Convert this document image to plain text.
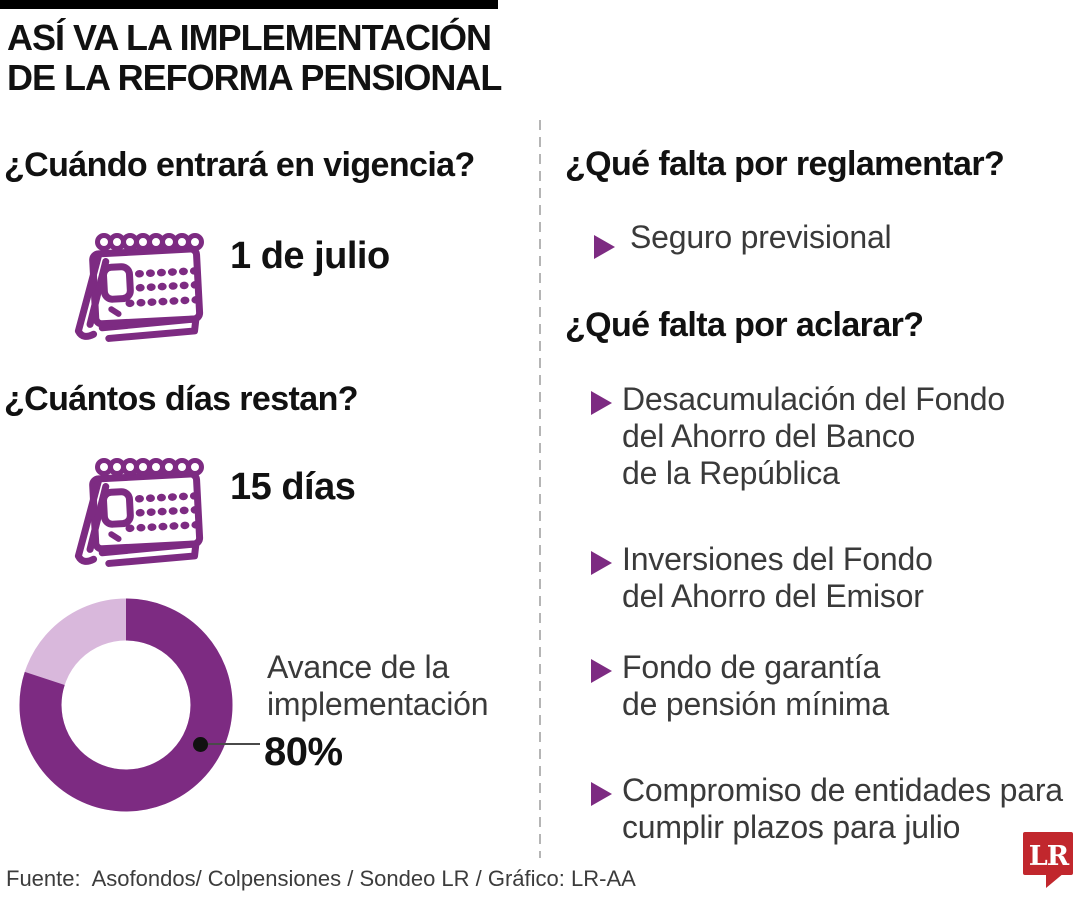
ASÍ VA LA IMPLEMENTACIÓN
DE LA REFORMA PENSIONAL
¿Cuándo entrará en vigencia?
1 de julio
¿Cuántos días restan?
15 días
Avance de la
implementación
80%
¿Qué falta por reglamentar?
Seguro previsional
¿Qué falta por aclarar?
Desacumulación del Fondo
del Ahorro del Banco
de la República
Inversiones del Fondo
del Ahorro del Emisor
Fondo de garantía
de pensión mínima
Compromiso de entidades para
cumplir plazos para julio
Fuente:  Asofondos/ Colpensiones / Sondeo LR / Gráfico: LR-AA
LR
